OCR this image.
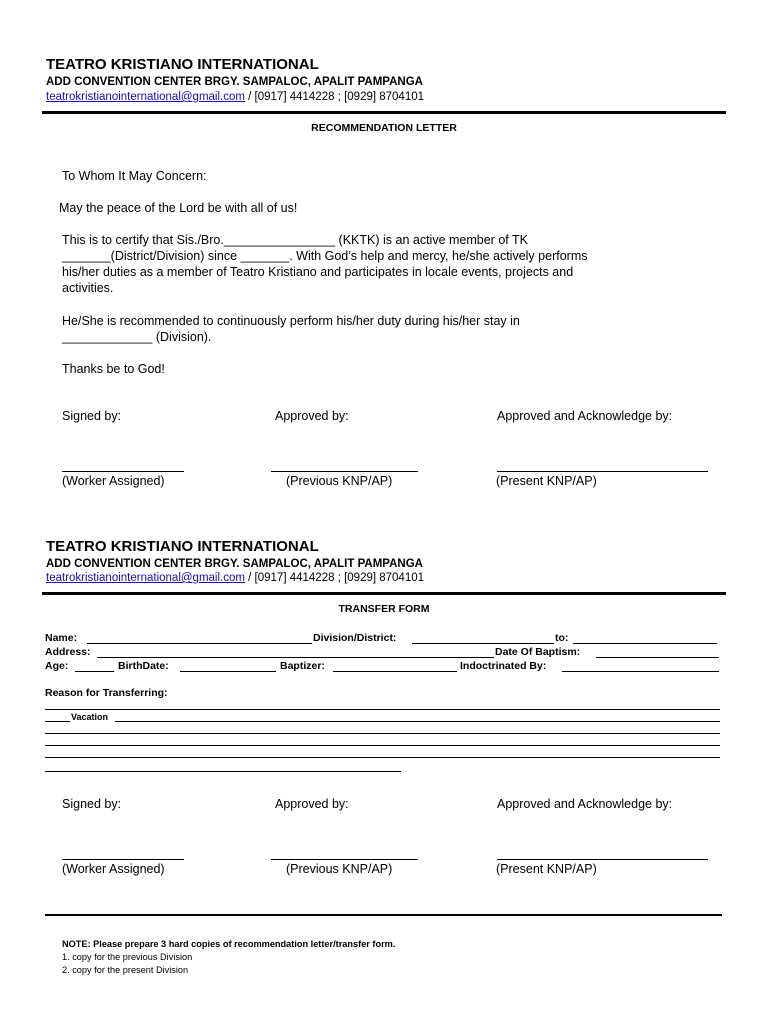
TEATRO KRISTIANO INTERNATIONAL
ADD CONVENTION CENTER BRGY. SAMPALOC, APALIT PAMPANGA
teatrokristianointernational@gmail.com / [0917] 4414228 ; [0929] 8704101
RECOMMENDATION LETTER
To Whom It May Concern:
May the peace of the Lord be with all of us!
This is to certify that Sis./Bro.________________ (KKTK) is an active member of TK
_______(District/Division) since _______. With God’s help and mercy, he/she actively performs
his/her duties as a member of Teatro Kristiano and participates in locale events, projects and
activities.
He/She is recommended to continuously perform his/her duty during his/her stay in
_____________ (Division).
Thanks be to God!
Signed by:	Approved by:	Approved and Acknowledge by:
(Worker Assigned)	(Previous KNP/AP)	(Present KNP/AP)
TEATRO KRISTIANO INTERNATIONAL
ADD CONVENTION CENTER BRGY. SAMPALOC, APALIT PAMPANGA
teatrokristianointernational@gmail.com / [0917] 4414228 ; [0929] 8704101
TRANSFER FORM
Name:	Division/District:	to:
Address:	Date Of Baptism:
Age:	BirthDate:	Baptizer:	Indoctrinated By:
Reason for Transferring:
Vacation
Signed by:	Approved by:	Approved and Acknowledge by:
(Worker Assigned)	(Previous KNP/AP)	(Present KNP/AP)
NOTE: Please prepare 3 hard copies of recommendation letter/transfer form.
1. copy for the previous Division
2. copy for the present Division
